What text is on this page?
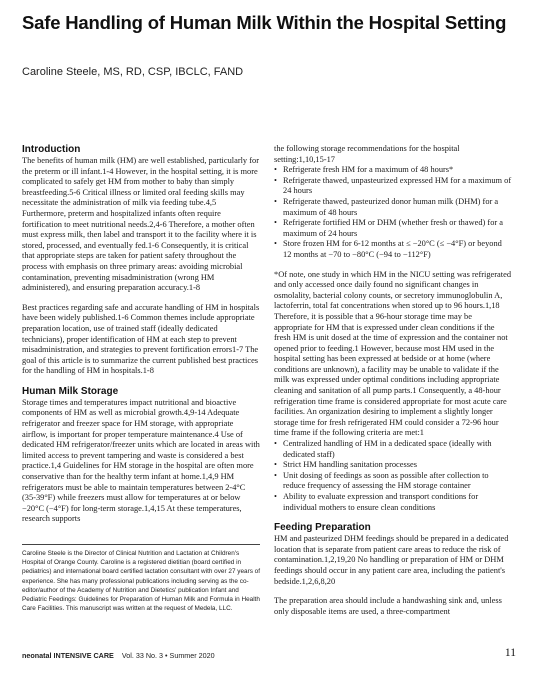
Safe Handling of Human Milk Within the Hospital Setting
Caroline Steele, MS, RD, CSP, IBCLC, FAND
Introduction

The benefits of human milk (HM) are well established, particularly for the preterm or ill infant.1-4 However, in the hospital setting, it is more complicated to safely get HM from mother to baby than simply breastfeeding.5-6 Critical illness or limited oral feeding skills may necessitate the administration of milk via feeding tube.4,5 Furthermore, preterm and hospitalized infants often require fortification to meet nutritional needs.2,4-6 Therefore, a mother often must express milk, then label and transport it to the facility where it is stored, processed, and eventually fed.1-6 Consequently, it is critical that appropriate steps are taken for patient safety throughout the process with emphasis on three primary areas: avoiding microbial contamination, preventing misadministration (wrong HM administered), and ensuring preparation accuracy.1-8

Best practices regarding safe and accurate handling of HM in hospitals have been widely published.1-6 Common themes include appropriate preparation location, use of trained staff (ideally dedicated technicians), proper identification of HM at each step to prevent misadministration, and strategies to prevent fortification errors1-7 The goal of this article is to summarize the current published best practices for the handling of HM in hospitals.1-8

Human Milk Storage

Storage times and temperatures impact nutritional and bioactive components of HM as well as microbial growth.4,9-14 Adequate refrigerator and freezer space for HM storage, with appropriate airflow, is important for proper temperature maintenance.4 Use of dedicated HM refrigerator/freezer units which are located in areas with limited access to prevent tampering and waste is considered a best practice.1,4 Guidelines for HM storage in the hospital are often more conservative than for the healthy term infant at home.1,4,9 HM refrigerators must be able to maintain temperatures between 2-4°C (35-39°F) while freezers must allow for temperatures at or below −20°C (−4°F) for long-term storage.1,4,15 At these temperatures, research supports

Caroline Steele is the Director of Clinical Nutrition and Lactation at Children's Hospital of Orange County. Caroline is a registered dietitian (board certified in pediatrics) and international board certified lactation consultant with over 27 years of experience. She has many professional publications including serving as the co-editor/author of the Academy of Nutrition and Dietetics' publication Infant and Pediatric Feedings: Guidelines for Preparation of Human Milk and Formula in Health Care Facilities. This manuscript was written at the request of Medela, LLC.

the following storage recommendations for the hospital setting:1,10,15-17

• Refrigerate fresh HM for a maximum of 48 hours*
• Refrigerate thawed, unpasteurized expressed HM for a maximum of 24 hours
• Refrigerate thawed, pasteurized donor human milk (DHM) for a maximum of 48 hours
• Refrigerate fortified HM or DHM (whether fresh or thawed) for a maximum of 24 hours
• Store frozen HM for 6-12 months at ≤ −20°C (≤ −4°F) or beyond 12 months at −70 to −80°C (−94 to −112°F)

*Of note, one study in which HM in the NICU setting was refrigerated and only accessed once daily found no significant changes in osmolality, bacterial colony counts, or secretory immunoglobulin A, lactoferrin, total fat concentrations when stored up to 96 hours.1,18 Therefore, it is possible that a 96-hour storage time may be appropriate for HM that is expressed under clean conditions if the fresh HM is unit dosed at the time of expression and the container not opened prior to feeding.1 However, because most HM used in the hospital setting has been expressed at bedside or at home (where conditions are unknown), a facility may be unable to validate if the milk was expressed under optimal conditions including appropriate cleaning and sanitation of all pump parts.1 Consequently, a 48-hour refrigeration time frame is considered appropriate for most acute care facilities. An organization desiring to implement a slightly longer storage time for fresh refrigerated HM could consider a 72-96 hour time frame if the following criteria are met:1

• Centralized handling of HM in a dedicated space (ideally with dedicated staff)
• Strict HM handling sanitation processes
• Unit dosing of feedings as soon as possible after collection to reduce frequency of assessing the HM storage container
• Ability to evaluate expression and transport conditions for individual mothers to ensure clean conditions
Feeding Preparation

HM and pasteurized DHM feedings should be prepared in a dedicated location that is separate from patient care areas to reduce the risk of contamination.1,2,19,20 No handling or preparation of HM or DHM feedings should occur in any patient care area, including the patient's bedside.1,2,6,8,20

The preparation area should include a handwashing sink and, unless only disposable items are used, a three-compartment

neonatal INTENSIVE CARE Vol. 33 No. 3 • Summer 2020	11
